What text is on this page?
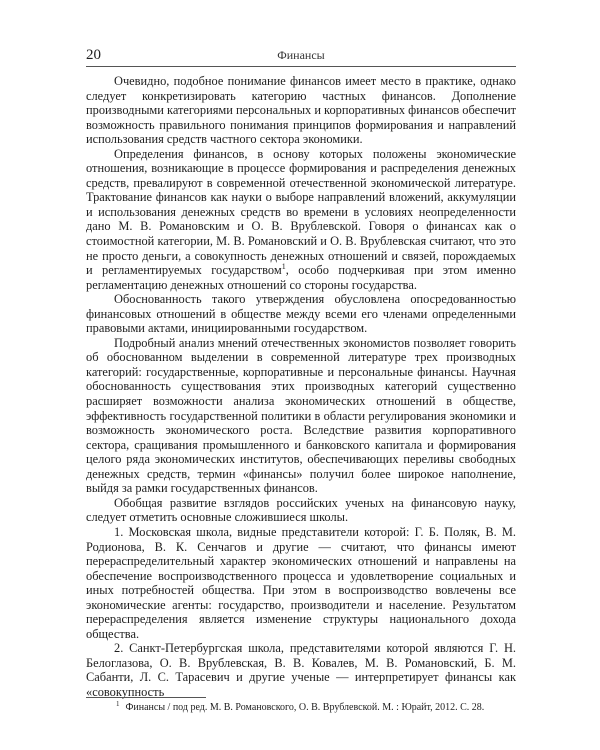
20	Финансы

Очевидно, подобное понимание финансов имеет место в практике, однако следует конкретизировать категорию частных финансов. Дополнение производными категориями персональных и корпоративных финансов обеспечит возможность правильного понимания принципов формирования и направлений использования средств частного сектора экономики.

Определения финансов, в основу которых положены экономические отношения, возникающие в процессе формирования и распределения денежных средств, превалируют в современной отечественной экономической литературе. Трактование финансов как науки о выборе направлений вложений, аккумуляции и использования денежных средств во времени в условиях неопределенности дано М. В. Романовским и О. В. Врублевской. Говоря о финансах как о стоимостной категории, М. В. Романовский и О. В. Врублевская считают, что это не просто деньги, а совокупность денежных отношений и связей, порождаемых и регламентируемых государством$^1$, особо подчеркивая при этом именно регламентацию денежных отношений со стороны государства.

Обоснованность такого утверждения обусловлена опосредованностью финансовых отношений в обществе между всеми его членами определенными правовыми актами, инициированными государством.

Подробный анализ мнений отечественных экономистов позволяет говорить об обоснованном выделении в современной литературе трех производных категорий: государственные, корпоративные и персональные финансы. Научная обоснованность существования этих производных категорий существенно расширяет возможности анализа экономических отношений в обществе, эффективность государственной политики в области регулирования экономики и возможность экономического роста. Вследствие развития корпоративного сектора, сращивания промышленного и банковского капитала и формирования целого ряда экономических институтов, обеспечивающих переливы свободных денежных средств, термин «финансы» получил более широкое наполнение, выйдя за рамки государственных финансов.

Обобщая развитие взглядов российских ученых на финансовую науку, следует отметить основные сложившиеся школы.

1. Московская школа, видные представители которой: Г. Б. Поляк, В. М. Родионова, В. К. Сенчагов и другие — считают, что финансы имеют перераспределительный характер экономических отношений и направлены на обеспечение воспроизводственного процесса и удовлетворение социальных и иных потребностей общества. При этом в воспроизводство вовлечены все экономические агенты: государство, производители и население. Результатом перераспределения является изменение структуры национального дохода общества.

2. Санкт-Петербургская школа, представителями которой являются Г. Н. Белоглазова, О. В. Врублевская, В. В. Ковалев, М. В. Романовский, Б. М. Сабанти, Л. С. Тарасевич и другие ученые — интерпретирует финансы как «совокупность

$^1$ Финансы / под ред. М. В. Романовского, О. В. Врублевской. М. : Юрайт, 2012. С. 28.
